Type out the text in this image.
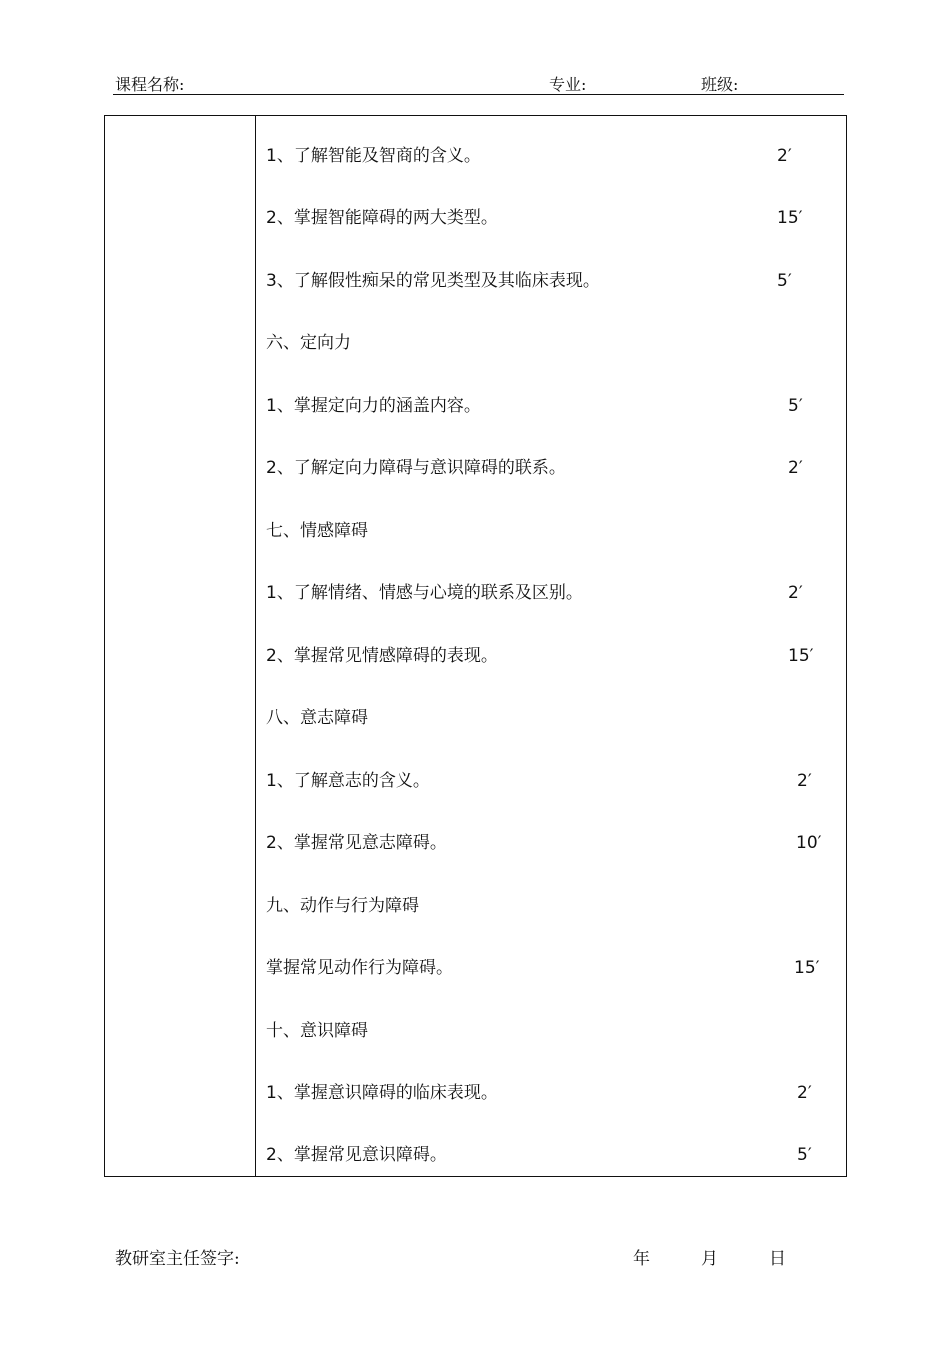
课程名称:	专业:	班级:
1、了解智能及智商的含义。	2′
2、掌握智能障碍的两大类型。	15′
3、了解假性痴呆的常见类型及其临床表现。	5′
六、定向力
1、掌握定向力的涵盖内容。	5′
2、了解定向力障碍与意识障碍的联系。	2′
七、情感障碍
1、了解情绪、情感与心境的联系及区别。	2′
2、掌握常见情感障碍的表现。	15′
八、意志障碍
1、了解意志的含义。	2′
2、掌握常见意志障碍。	10′
九、动作与行为障碍
掌握常见动作行为障碍。	15′
十、意识障碍
1、掌握意识障碍的临床表现。	2′
2、掌握常见意识障碍。	5′
教研室主任签字:	年	月	日
